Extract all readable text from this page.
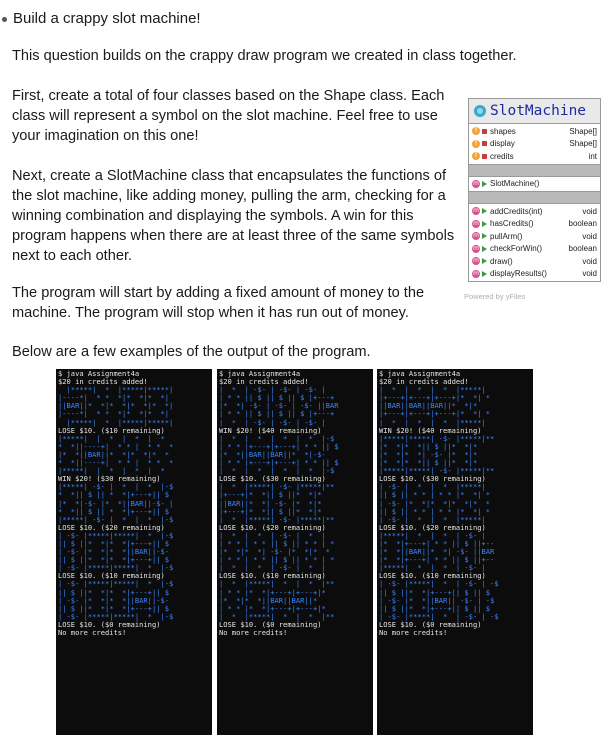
Build a crappy slot machine!

This question builds on the crappy draw program we created in class together.

First, create a total of four classes based on the Shape class. Each class will represent a symbol on the slot machine. Feel free to use your imagination on this one!

Next, create a SlotMachine class that encapsulates the functions of the slot machine, like adding money, pulling the arm, checking for a winning combination and displaying the symbols. A win for this program happens when there are at least three of the same symbols next to each other.

The program will start by adding a fixed amount of money to the machine. The program will stop when it has run out of money.

Below are a few examples of the output of the program.

SlotMachine
f	shapes	Shape[]
f	display	Shape[]
f	credits	int
m SlotMachine()
m addCredits(int)	void
m hasCredits()	boolean
m pullArm()	void
m checkForWin()	boolean
m draw()	void
m displayResults()	void
Powered by yFiles
$ java Assignment4a
$20 in credits added!
|*****|  *  |*****|*****|
|----*|  * *  *|*  *|*  *|
||BAR||*  *|*  *|*  *|*  *|
|----*|  * *  *|*  *|*  *|
|*****|  *  |*****|*****|
LOSE $10. ($10 remaining)
|*****|  |  *  |  *  |  *
*  *||----+|  * * |  * *  *
|*  *||BAR||*  *|*  *|*  *
*  *||----+|  * * |  * *  *
|*****|  |  *  |  *  |  *
WIN $20! ($30 remaining)
|*****| -$- |  *  |  *  |-$
*  *|| $ || *  *|+---+|| $
|*  *|-$- |*  *||BAR||-$- |
*  *|| $ || *  *|+---+|| $
|*****| -$- |  *  |  *  |-$
LOSE $10. ($20 remaining)
| -$- |*****|*****|  *  |-$
|| $ ||*  *|*  *|+---+|| $
| -$- |*  *|*  *||BAR||-$-
|| $ ||*  *|*  *|+---+|| $
| -$- |*****|*****|  *  |-$
LOSE $10. ($10 remaining)
| -$- |*****|*****|  *  |-$
|| $ ||*  *|*  *|+---+|| $
| -$- |*  *|*  *||BAR||-$-
|| $ ||*  *|*  *|+---+|| $
| -$- |*****|*****|  *  |-$
LOSE $10. ($0 remaining)
No more credits!
$ java Assignment4a
$20 in credits added!
|  *  | -$- | -$- | -$- |
| * * || $ || $ || $ |+---+
|*  *| -$- | -$- | -$- ||BAR
| * * || $ || $ || $ |+---+
|  *  | -$- | -$- | -$- |
WIN $20! ($40 remaining)
|  *  |  *  |  *  |  *  |-$
| * * |+---+|+---+| * * || $
|*  *||BAR||BAR||*  *|-$-
| * * |+---+|+---+| * * || $
|  *  |  *  |  *  |  *  |-$
LOSE $10. ($30 remaining)
|  *  |*****| -$- |*****|**
|+---+|*  *|| $ ||*  *|*
||BAR||*  *| -$- |*  *|*
|+---+|*  *|| $ ||*  *|*
|  *  |*****| -$- |*****|**
LOSE $10. ($20 remaining)
|  *  |  *  | -$- |  *  |
| * * | * * || $ || * * | *
|*  *|*  *| -$- |*  *|*  *
| * * | * * || $ || * * | *
|  *  |  *  | -$- |  *  |
LOSE $10. ($10 remaining)
|  *  |*****|  *  |  *  |**
| * * |*  *|+---+|+---+|*
|*  *|*  *||BAR||BAR||*
| * * |*  *|+---+|+---+|*
|  *  |*****|  *  |  *  |**
LOSE $10. ($0 remaining)
No more credits!
$ java Assignment4a
$20 in credits added!
|  *  |  *  |  *  |*****|
|+---+|+---+|+---+|*  *| *
||BAR||BAR||BAR||*  *|*
|+---+|+---+|+---+|*  *| *
|  *  |  *  |  *  |*****|
WIN $20! ($40 remaining)
|*****|*****| -$- |*****|**
|*  *|*  *|| $ ||*  *|*
|*  *|*  *| -$- |*  *|*
|*  *|*  *|| $ ||*  *|*
|*****|*****| -$- |*****|**
LOSE $10. ($30 remaining)
| -$- |  *  |  *  |*****|
|| $ || * * | * * |*  *| *
| -$- |*  *|*  *|*  *|*  *
|| $ || * * | * * |*  *| *
| -$- |  *  |  *  |*****|
LOSE $10. ($20 remaining)
|*****|  *  |  *  | -$- |
|*  *|+---+| * * || $ ||+--
|*  *||BAR||*  *| -$- ||BAR
|*  *|+---+| * * || $ ||+--
|*****|  *  |  *  | -$- |
LOSE $10. ($10 remaining)
| -$- |*****|  *  | -$- | -$
|| $ ||*  *|+---+|| $ || $
| -$- |*  *||BAR|| -$- | -$
|| $ ||*  *|+---+|| $ || $
| -$- |*****|  *  | -$- | -$
LOSE $10. ($0 remaining)
No more credits!
